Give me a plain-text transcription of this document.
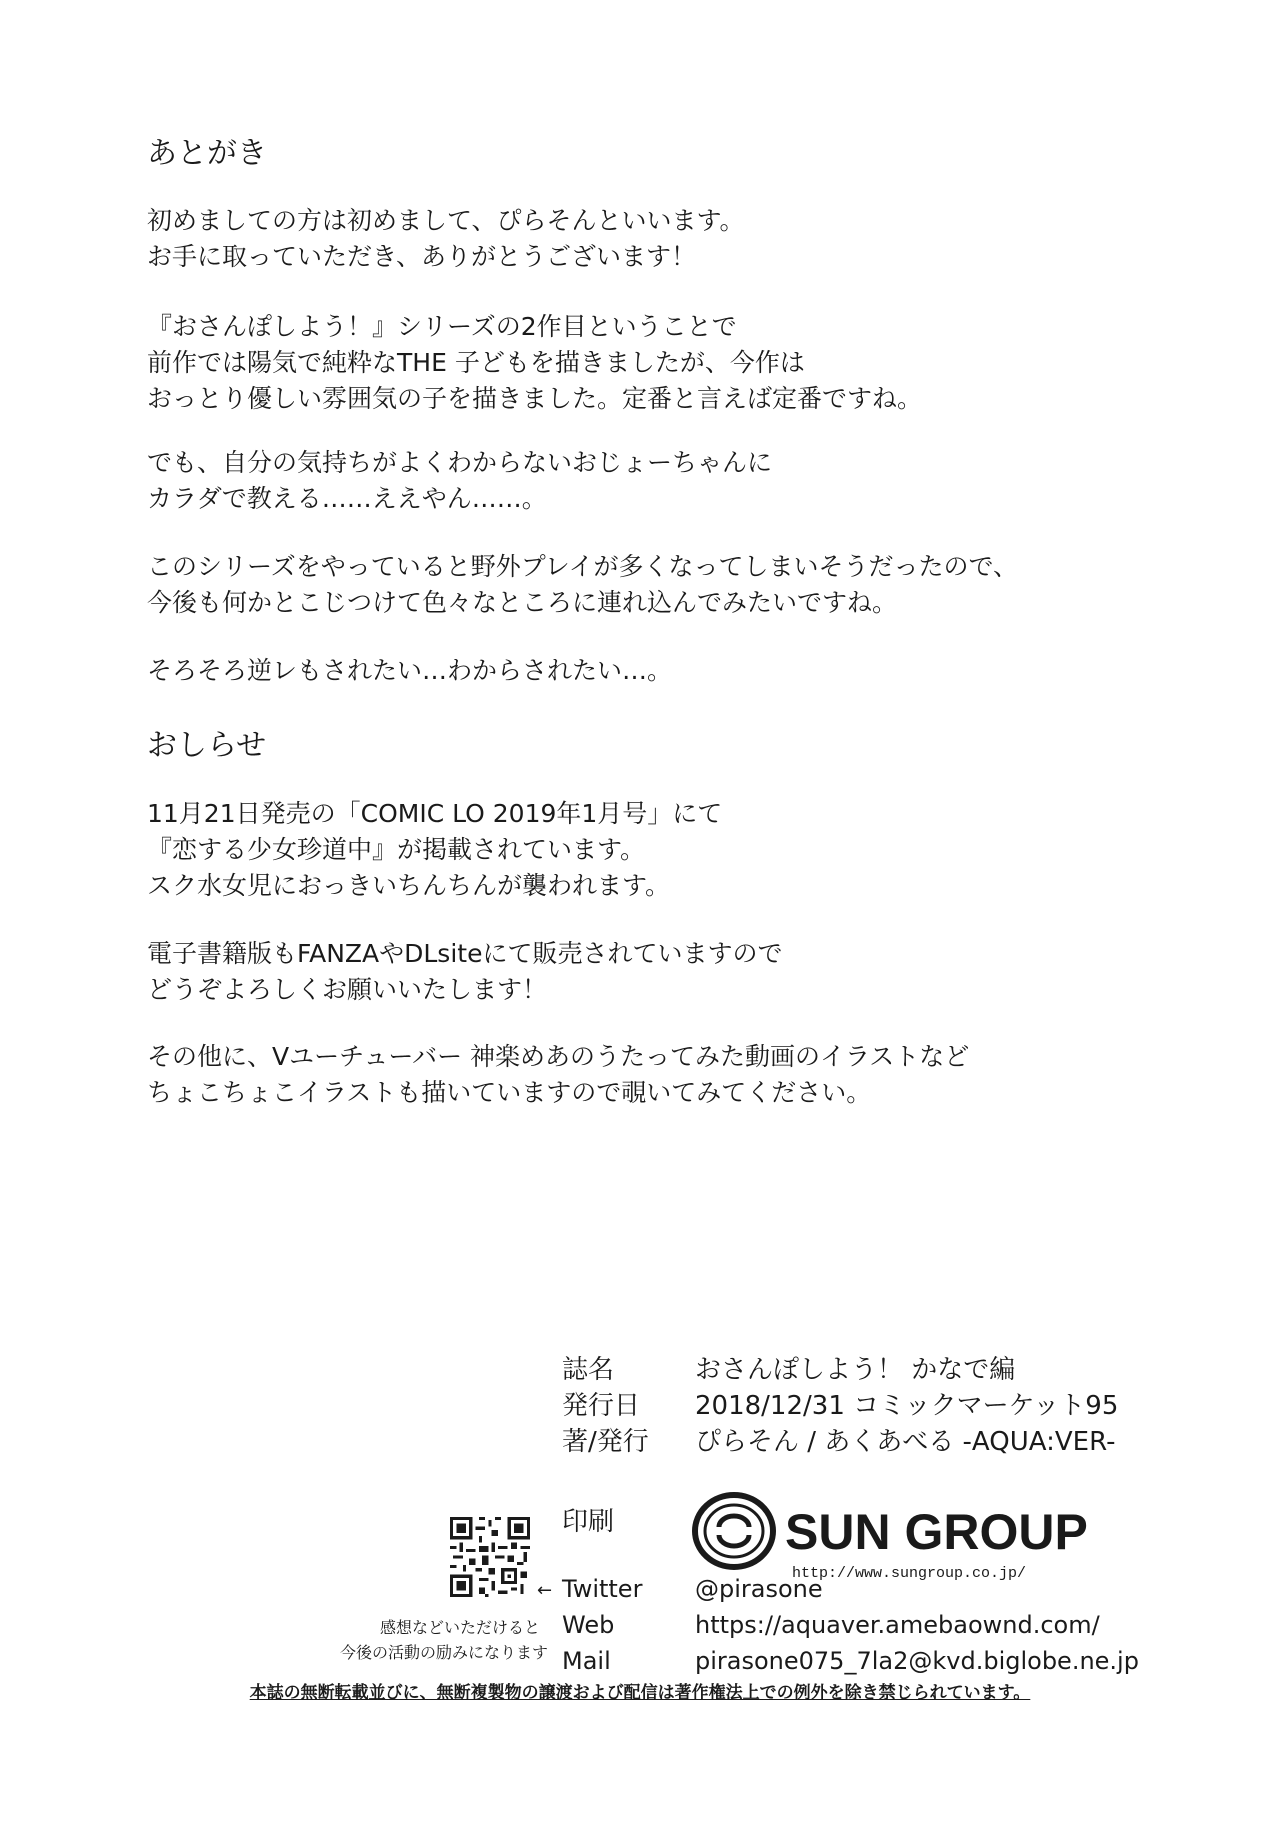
あとがき
初めましての方は初めまして、ぴらそんといいます。
お手に取っていただき、ありがとうございます！
『おさんぽしよう！』シリーズの2作目ということで
前作では陽気で純粋なTHE 子どもを描きましたが、今作は
おっとり優しい雰囲気の子を描きました。定番と言えば定番ですね。
でも、自分の気持ちがよくわからないおじょーちゃんに
カラダで教える……ええやん……。
このシリーズをやっていると野外プレイが多くなってしまいそうだったので、
今後も何かとこじつけて色々なところに連れ込んでみたいですね。
そろそろ逆レもされたい…わからされたい…。
おしらせ
11月21日発売の「COMIC LO 2019年1月号」にて
『恋する少女珍道中』が掲載されています。
スク水女児におっきいちんちんが襲われます。
電子書籍版もFANZAやDLsiteにて販売されていますので
どうぞよろしくお願いいたします！
その他に、Vユーチューバー 神楽めあのうたってみた動画のイラストなど
ちょこちょこイラストも描いていますので覗いてみてください。
誌名	おさんぽしよう！ かなで編
発行日 2018/12/31 コミックマーケット95
著/発行 ぴらそん / あくあべる -AQUA:VER-
印刷	SUN GROUP
http://www.sungroup.co.jp/
←
感想などいただけると
今後の活動の励みになります
Twitter @pirasone
Web	https://aquaver.amebaownd.com/
Mail	pirasone075_7la2@kvd.biglobe.ne.jp
本誌の無断転載並びに、無断複製物の譲渡および配信は著作権法上での例外を除き禁じられています。
